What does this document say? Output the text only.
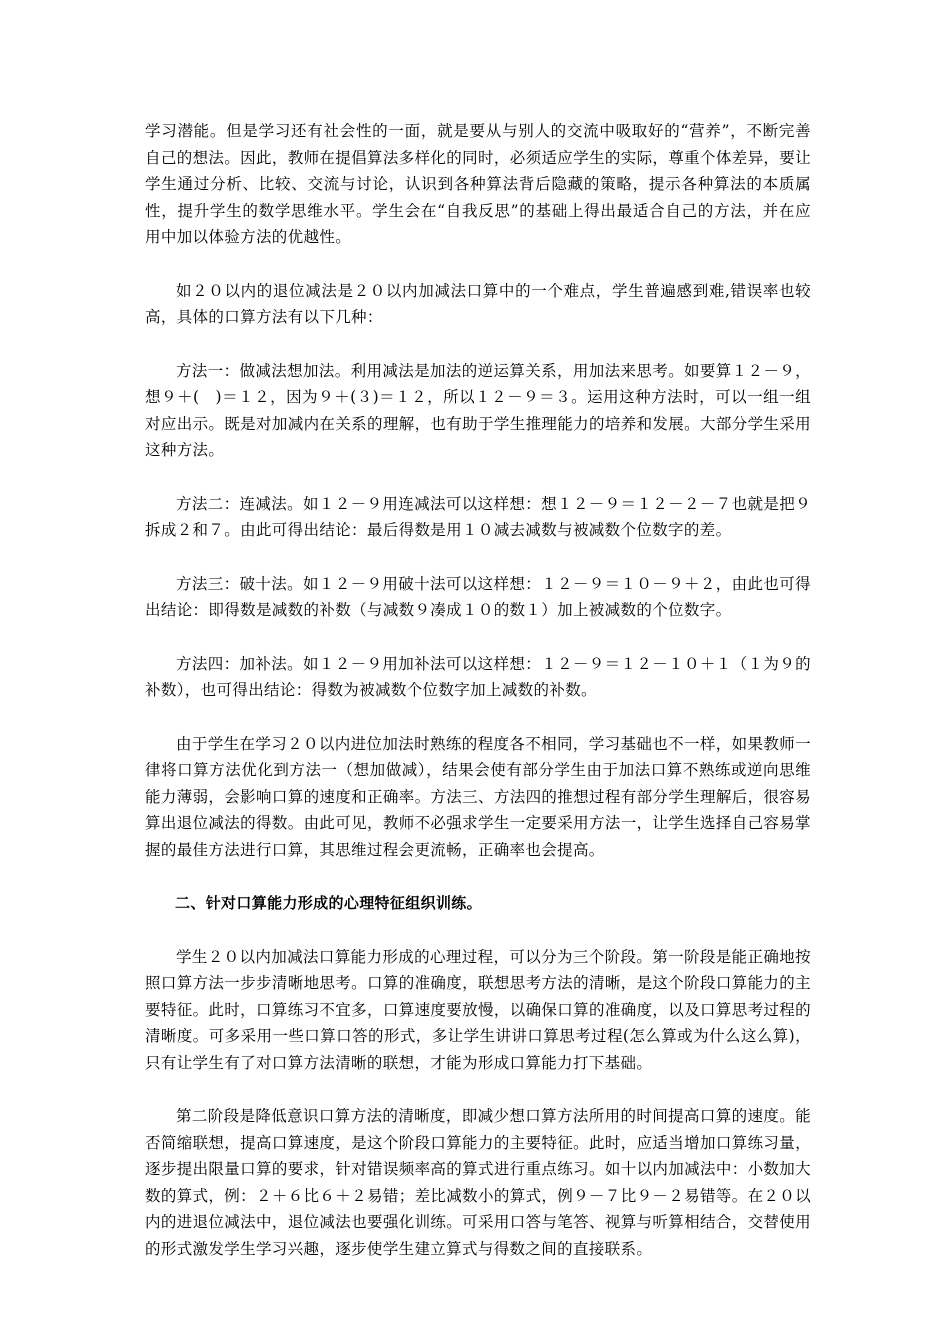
学习潜能。但是学习还有社会性的一面，就是要从与别人的交流中吸取好的“营养”，不断完善自己的想法。因此，教师在提倡算法多样化的同时，必须适应学生的实际，尊重个体差异，要让学生通过分析、比较、交流与讨论，认识到各种算法背后隐藏的策略，提示各种算法的本质属性，提升学生的数学思维水平。学生会在“自我反思”的基础上得出最适合自己的方法，并在应用中加以体验方法的优越性。

如２０以内的退位减法是２０以内加减法口算中的一个难点，学生普遍感到难,错误率也较高，具体的口算方法有以下几种：

方法一：做减法想加法。利用减法是加法的逆运算关系，用加法来思考。如要算１２－９，想９＋(　)＝１２，因为９＋(３)＝１２，所以１２－９＝３。运用这种方法时，可以一组一组对应出示。既是对加减内在关系的理解，也有助于学生推理能力的培养和发展。大部分学生采用这种方法。

方法二：连减法。如１２－９用连减法可以这样想：想１２－９＝１２－２－７也就是把９拆成２和７。由此可得出结论：最后得数是用１０减去减数与被减数个位数字的差。

方法三：破十法。如１２－９用破十法可以这样想：１２－９＝１０－９＋２，由此也可得出结论：即得数是减数的补数（与减数９凑成１０的数１）加上被减数的个位数字。

方法四：加补法。如１２－９用加补法可以这样想：１２－９＝１２－１０＋１（１为９的补数），也可得出结论：得数为被减数个位数字加上减数的补数。

由于学生在学习２０以内进位加法时熟练的程度各不相同，学习基础也不一样，如果教师一律将口算方法优化到方法一（想加做减），结果会使有部分学生由于加法口算不熟练或逆向思维能力薄弱，会影响口算的速度和正确率。方法三、方法四的推想过程有部分学生理解后，很容易算出退位减法的得数。由此可见，教师不必强求学生一定要采用方法一，让学生选择自己容易掌握的最佳方法进行口算，其思维过程会更流畅，正确率也会提高。

二、针对口算能力形成的心理特征组织训练。

学生２０以内加减法口算能力形成的心理过程，可以分为三个阶段。第一阶段是能正确地按照口算方法一步步清晰地思考。口算的准确度，联想思考方法的清晰，是这个阶段口算能力的主要特征。此时，口算练习不宜多，口算速度要放慢，以确保口算的准确度，以及口算思考过程的清晰度。可多采用一些口算口答的形式，多让学生讲讲口算思考过程(怎么算或为什么这么算)，只有让学生有了对口算方法清晰的联想，才能为形成口算能力打下基础。

第二阶段是降低意识口算方法的清晰度，即减少想口算方法所用的时间提高口算的速度。能否简缩联想，提高口算速度，是这个阶段口算能力的主要特征。此时，应适当增加口算练习量，逐步提出限量口算的要求，针对错误频率高的算式进行重点练习。如十以内加减法中：小数加大数的算式，例：２＋６比６＋２易错；差比减数小的算式，例９－７比９－２易错等。在２０以内的进退位减法中，退位减法也要强化训练。可采用口答与笔答、视算与听算相结合，交替使用的形式激发学生学习兴趣，逐步使学生建立算式与得数之间的直接联系。
